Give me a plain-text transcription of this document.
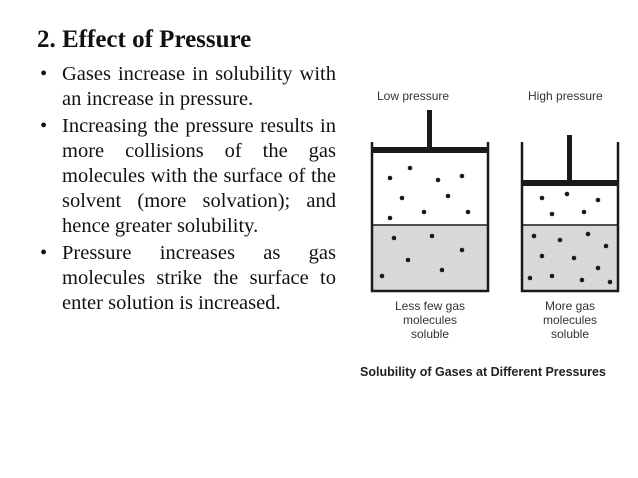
2. Effect of Pressure
• Gases increase in solubility with an increase in pressure.
• Increasing the pressure results in more collisions of the gas molecules with the surface of the solvent (more solvation); and hence greater solubility.
• Pressure increases as gas molecules strike the surface to enter solution is increased.
Low pressure	High pressure
Less few gas
molecules
soluble
More gas
molecules
soluble
Solubility of Gases at Different Pressures
